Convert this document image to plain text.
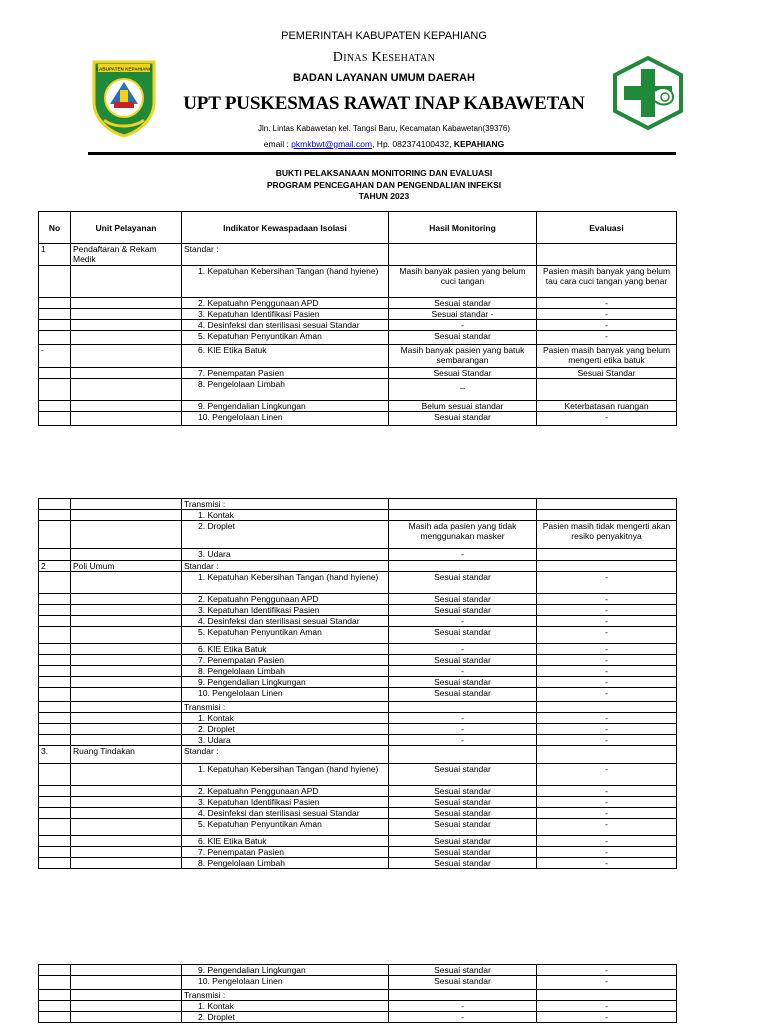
KABUPATEN KEPAHIANG
PEMERINTAH KABUPATEN KEPAHIANG
Dinas Kesehatan
BADAN LAYANAN UMUM DAERAH
UPT PUSKESMAS RAWAT INAP KABAWETAN
Jln. Lintas Kabawetan kel. Tangsi Baru, Kecamatan Kabawetan(39376)
email : pkmkbwt@gmail.com, Hp. 082374100432, KEPAHIANG
BUKTI PELAKSANAAN MONITORING DAN EVALUASI
PROGRAM PENCEGAHAN DAN PENGENDALIAN INFEKSI
TAHUN 2023
No	Unit Pelayanan	Indikator Kewaspadaan Isolasi	Hasil Monitoring	Evaluasi
1	Pendaftaran & Rekam Medik	Standar :		
		1. Kepatuhan Kebersihan Tangan (hand hyiene)	Masih banyak pasien yang belum cuci tangan	Pasien masih banyak yang belum tau cara cuci tangan yang benar
		2. Kepatuahn Penggunaan APD	Sesuai standar	-
		3. Kepatuhan Identifikasi Pasien	Sesuai standar -	-
		4. Desinfeksi dan sterilisasi sesuai Standar	-	-
		5. Kepatuhan Penyuntikan Aman	Sesuai standar	-
-		6. KIE Etika Batuk	Masih banyak pasien yang batuk sembarangan	Pasien masih banyak yang belum mengerti etika batuk
		7. Penempatan Pasien	Sesuai Standar	Sesuai Standar
		8. Pengelolaan Limbah	_	
		9. Pengendalian Lingkungan	Belum sesuai standar	Keterbatasan ruangan
		10. Pengelolaan Linen	Sesuai standar	-
		Transmisi :		
		1. Kontak		
		2. Droplet	Masih ada pasien yang tidak menggunakan masker	Pasien masih tidak mengerti akan resiko penyakitnya
		3. Udara	-	
2	Poli Umum	Standar :		
		1. Kepatuhan Kebersihan Tangan (hand hyiene)	Sesuai standar	-
		2. Kepatuahn Penggunaan APD	Sesuai standar	-
		3. Kepatuhan Identifikasi Pasien	Sesuai standar	-
		4. Desinfeksi dan sterilisasi sesuai Standar	-	-
		5. Kepatuhan Penyuntikan Aman	Sesuai standar	-
		6. KIE Etika Batuk	-	-
		7. Penempatan Pasien	Sesuai standar	-
		8. Pengelolaan Limbah	-	-
		9. Pengendalian Lingkungan	Sesuai standar	-
		10. Pengelolaan Linen	Sesuai standar	-
		Transmisi :		
		1. Kontak	-	-
		2. Droplet	-	-
		3. Udara	-	-
3.	Ruang Tindakan	Standar :		
		1. Kepatuhan Kebersihan Tangan (hand hyiene)	Sesuai standar	-
		2. Kepatuahn Penggunaan APD	Sesuai standar	-
		3. Kepatuhan Identifikasi Pasien	Sesuai standar	-
		4. Desinfeksi dan sterilisasi sesuai Standar	Sesuai standar	-
		5. Kepatuhan Penyuntikan Aman	Sesuai standar	-
		6. KIE Etika Batuk	Sesuai standar	-
		7. Penempatan Pasien	Sesuai standar	-
		8. Pengelolaan Limbah	Sesuai standar	-
		9. Pengendalian Lingkungan	Sesuai standar	-
		10. Pengelolaan Linen	Sesuai standar	-
		Transmisi :		
		1. Kontak	-	-
		2. Droplet	-	-
